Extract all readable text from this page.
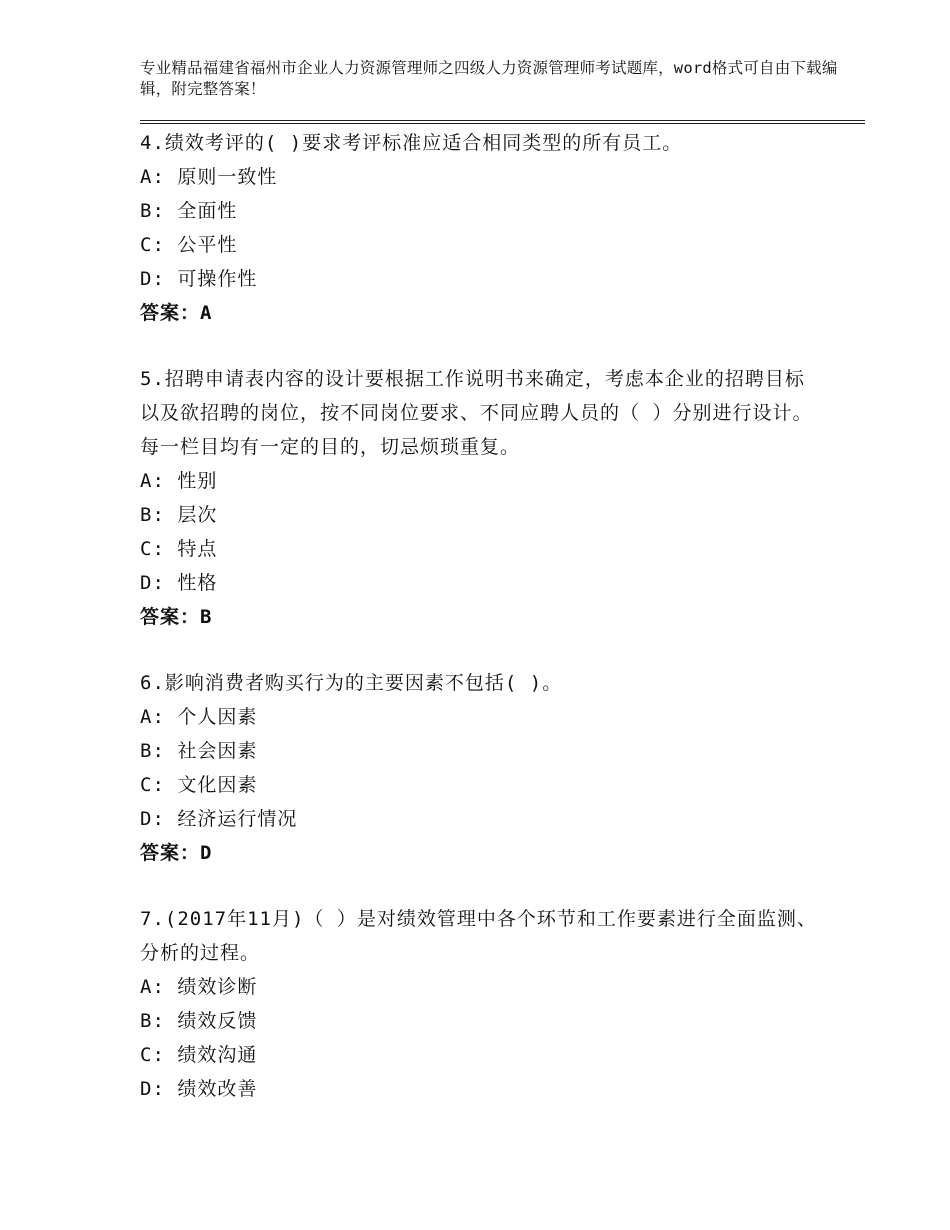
专业精品福建省福州市企业人力资源管理师之四级人力资源管理师考试题库，word格式可自由下载编辑，附完整答案！
4.绩效考评的( )要求考评标准应适合相同类型的所有员工。
A: 原则一致性
B: 全面性
C: 公平性
D: 可操作性
答案：A
5.招聘申请表内容的设计要根据工作说明书来确定，考虑本企业的招聘目标以及欲招聘的岗位，按不同岗位要求、不同应聘人员的（ ）分别进行设计。每一栏目均有一定的目的，切忌烦琐重复。
A: 性别
B: 层次
C: 特点
D: 性格
答案：B
6.影响消费者购买行为的主要因素不包括( )。
A: 个人因素
B: 社会因素
C: 文化因素
D: 经济运行情况
答案：D
7.(2017年11月)（ ）是对绩效管理中各个环节和工作要素进行全面监测、分析的过程。
A: 绩效诊断
B: 绩效反馈
C: 绩效沟通
D: 绩效改善
